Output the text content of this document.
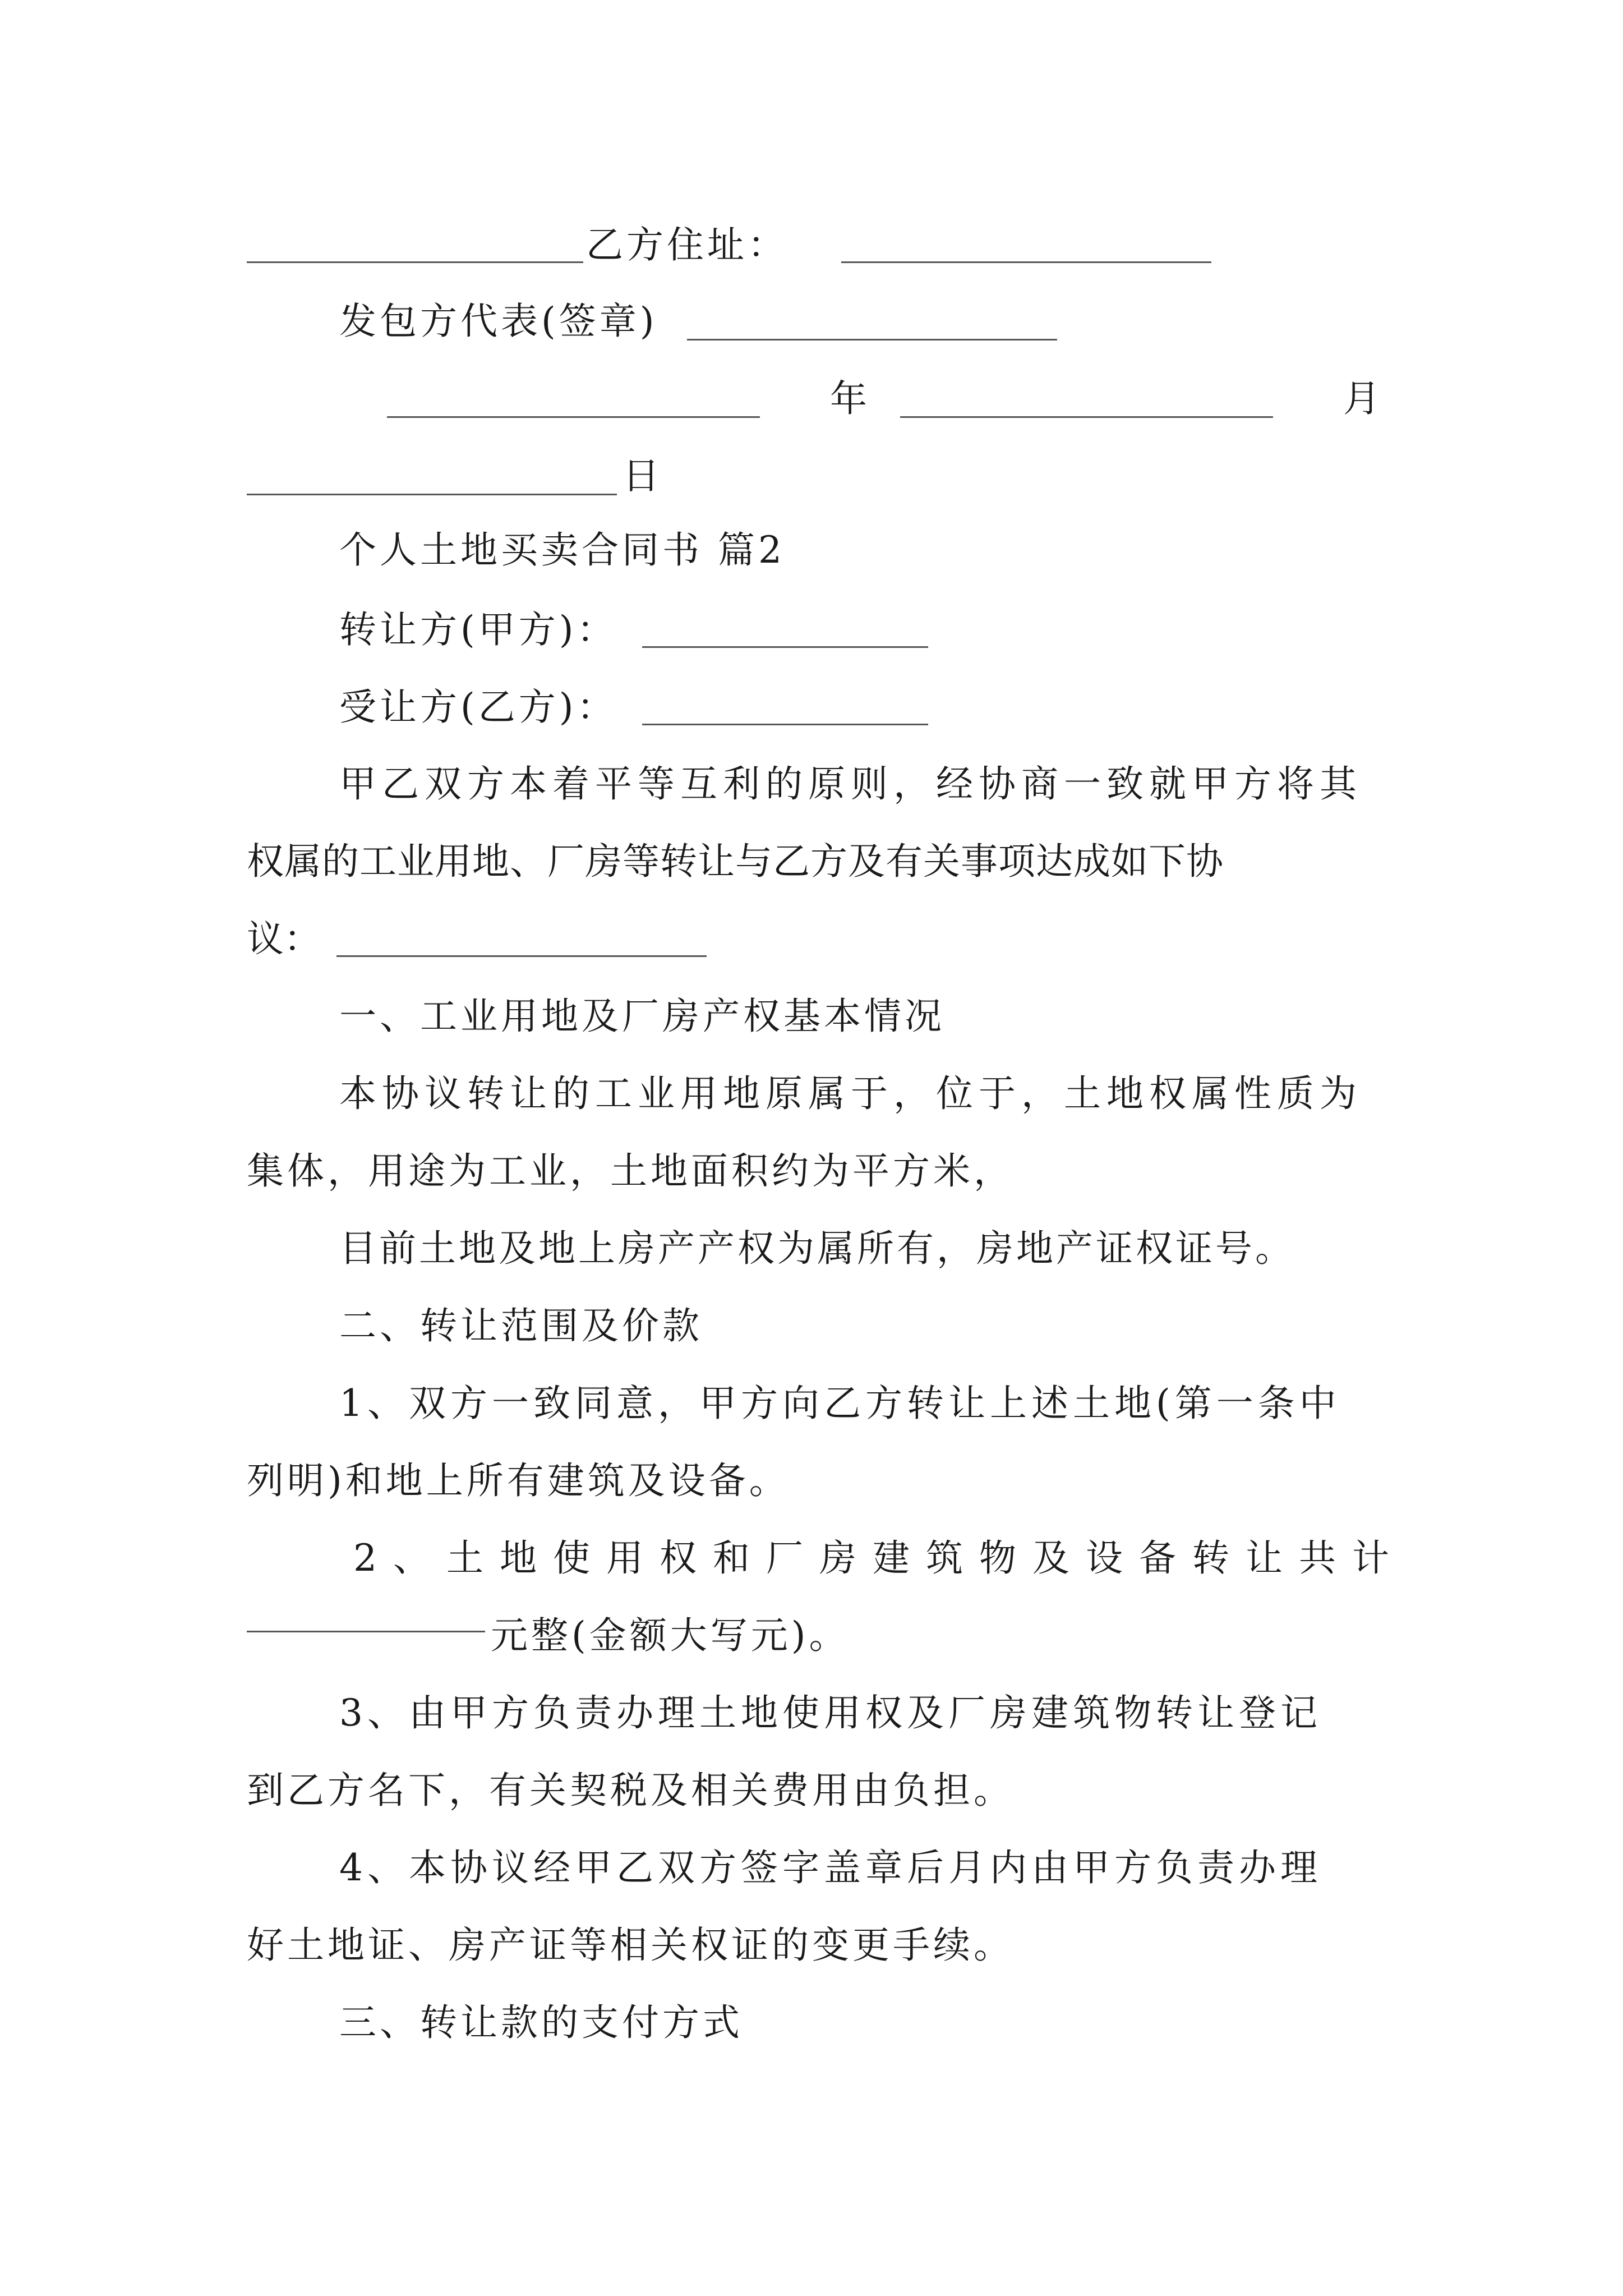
乙方住址：
发包方代表(签章)
年	月
日
个人土地买卖合同书 篇2
转让方(甲方)：
受让方(乙方)：
甲乙双方本着平等互利的原则，经协商一致就甲方将其
权属的工业用地、厂房等转让与乙方及有关事项达成如下协
议：
一、工业用地及厂房产权基本情况
本协议转让的工业用地原属于，位于，土地权属性质为
集体，用途为工业，土地面积约为平方米，
目前土地及地上房产产权为属所有，房地产证权证号。
二、转让范围及价款
1、双方一致同意，甲方向乙方转让上述土地(第一条中
列明)和地上所有建筑及设备。
2、土地使用权和厂房建筑物及设备转让共计
元整(金额大写元)。
3、由甲方负责办理土地使用权及厂房建筑物转让登记
到乙方名下，有关契税及相关费用由负担。
4、本协议经甲乙双方签字盖章后月内由甲方负责办理
好土地证、房产证等相关权证的变更手续。
三、转让款的支付方式
